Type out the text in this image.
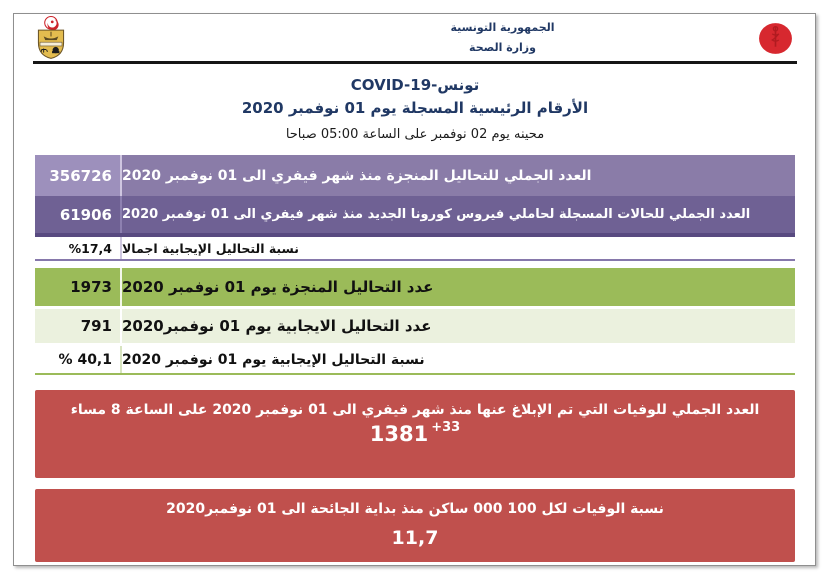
الجمهورية التونسية
وزارة الصحة
تونس-COVID-19
الأرقام الرئيسية المسجلة يوم 01 نوفمبر 2020
محينه يوم 02 نوفمبر على الساعة 05:00 صباحا
356726 العدد الجملي للتحاليل المنجزة منذ شهر فيفري الى 01 نوفمبر 2020
61906 العدد الجملي للحالات المسجلة لحاملي فيروس كورونا الجديد منذ شهر فيفري الى 01 نوفمبر 2020
%17,4 نسبة التحاليل الإيجابية اجمالا
1973 عدد التحاليل المنجزة يوم 01 نوفمبر 2020
791 عدد التحاليل الايجابية يوم 01 نوفمبر2020
% 40,1 نسبة التحاليل الإيجابية يوم 01 نوفمبر 2020
العدد الجملي للوفيات التي تم الإبلاغ عنها منذ شهر فيفري الى 01 نوفمبر 2020 على الساعة 8 مساء
1381 $^{+33}$
نسبة الوفيات لكل 100 000 ساكن منذ بداية الجائحة الى 01 نوفمبر2020
11,7
